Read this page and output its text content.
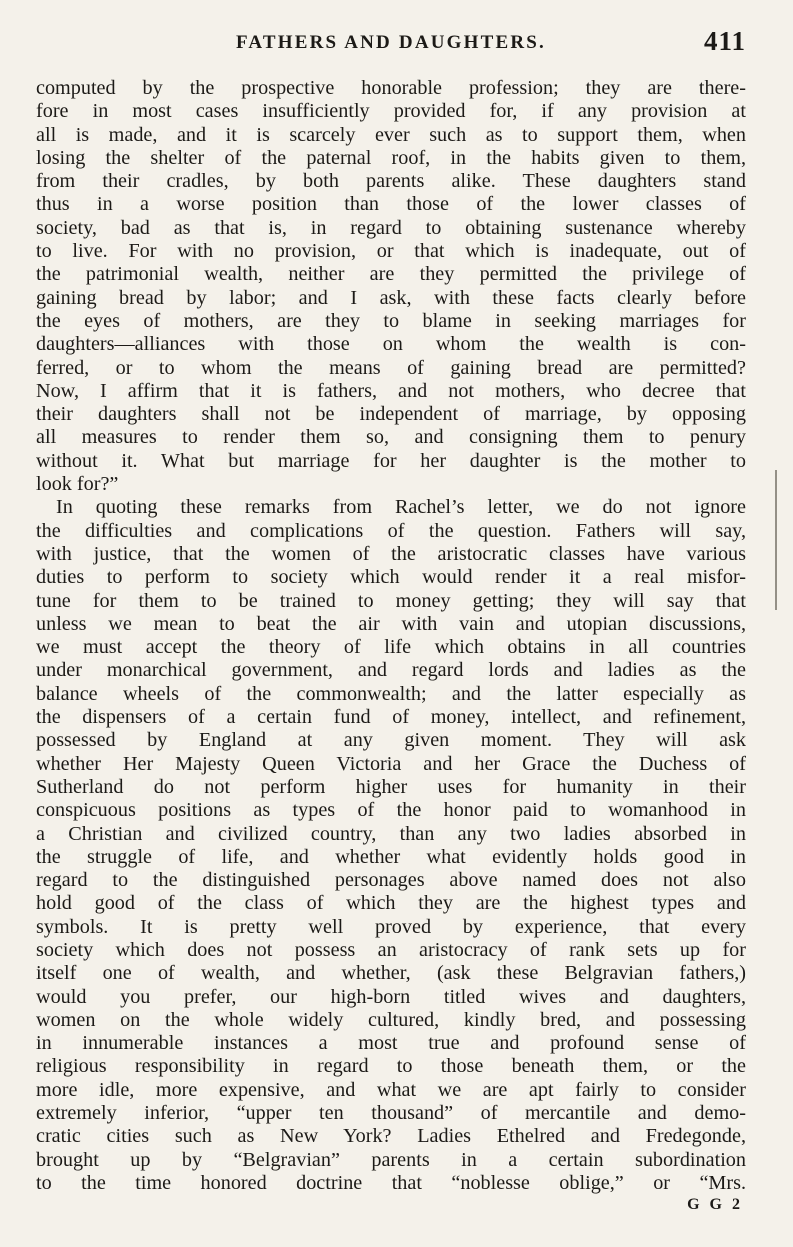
FATHERS AND DAUGHTERS.	411
computed by the prospective honorable profession; they are there-
fore in most cases insufficiently provided for, if any provision at
all is made, and it is scarcely ever such as to support them, when
losing the shelter of the paternal roof, in the habits given to them,
from their cradles, by both parents alike. These daughters stand
thus in a worse position than those of the lower classes of
society, bad as that is, in regard to obtaining sustenance whereby
to live. For with no provision, or that which is inadequate, out of
the patrimonial wealth, neither are they permitted the privilege of
gaining bread by labor; and I ask, with these facts clearly before
the eyes of mothers, are they to blame in seeking marriages for
daughters—alliances with those on whom the wealth is con-
ferred, or to whom the means of gaining bread are permitted?
Now, I affirm that it is fathers, and not mothers, who decree that
their daughters shall not be independent of marriage, by opposing
all measures to render them so, and consigning them to penury
without it. What but marriage for her daughter is the mother to
look for?”
In quoting these remarks from Rachel’s letter, we do not ignore
the difficulties and complications of the question. Fathers will say,
with justice, that the women of the aristocratic classes have various
duties to perform to society which would render it a real misfor-
tune for them to be trained to money getting; they will say that
unless we mean to beat the air with vain and utopian discussions,
we must accept the theory of life which obtains in all countries
under monarchical government, and regard lords and ladies as the
balance wheels of the commonwealth; and the latter especially as
the dispensers of a certain fund of money, intellect, and refinement,
possessed by England at any given moment. They will ask
whether Her Majesty Queen Victoria and her Grace the Duchess of
Sutherland do not perform higher uses for humanity in their
conspicuous positions as types of the honor paid to womanhood in
a Christian and civilized country, than any two ladies absorbed in
the struggle of life, and whether what evidently holds good in
regard to the distinguished personages above named does not also
hold good of the class of which they are the highest types and
symbols. It is pretty well proved by experience, that every
society which does not possess an aristocracy of rank sets up for
itself one of wealth, and whether, (ask these Belgravian fathers,)
would you prefer, our high-born titled wives and daughters,
women on the whole widely cultured, kindly bred, and possessing
in innumerable instances a most true and profound sense of
religious responsibility in regard to those beneath them, or the
more idle, more expensive, and what we are apt fairly to consider
extremely inferior, “upper ten thousand” of mercantile and demo-
cratic cities such as New York? Ladies Ethelred and Fredegonde,
brought up by “Belgravian” parents in a certain subordination
to the time honored doctrine that “noblesse oblige,” or “Mrs.
G G 2
